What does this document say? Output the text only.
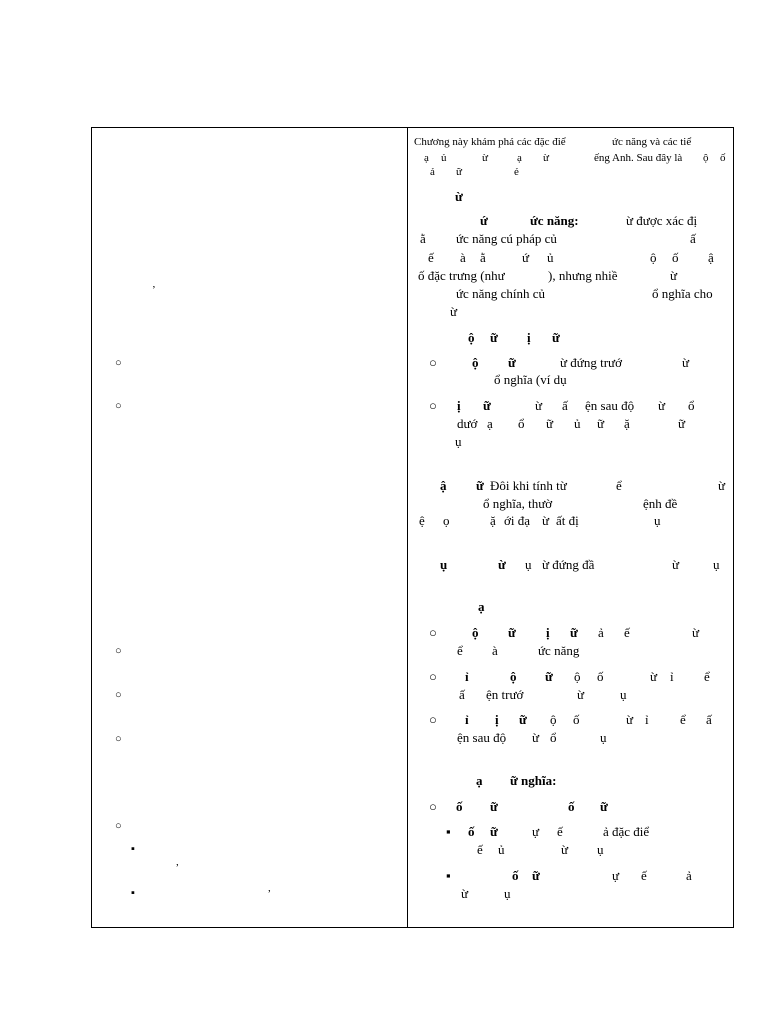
’
○
○
○
○
○
○
▪
,
▪	,
Chương này khám phá các đặc điể	ức năng và các tiể
ạ ủ	ừ	ạ ừ	ếng Anh. Sau đây là ộ ố
ả ữ	ẻ
ừ
ứ	ức năng:	ừ được xác đị
ằ ức năng cú pháp củ	ấ
ế à ằ	ứ ủ	ộ ố ậ
ố đặc trưng (như	), nhưng nhiề	ừ
ức năng chính củ	ổ nghĩa cho
ừ
ộ ữ ị ữ
○	ộ ữ	ừ đứng trướ	ừ
ổ nghĩa (ví dụ
○ ị ữ	ừ ấ ện sau độ ừ ổ
dướ ạ ổ ữ ủ ữ ặ	ữ
ụ
ậ ữ Đôi khi tính từ	ể	ừ
ổ nghĩa, thườ	ệnh đề
ệ ọ	ặ ới đạ ừ ất đị	ụ
ụ	ừ ụ ừ đứng đầ	ừ	ụ
ạ
○	ộ ữ ị ữ ả ế	ừ
ể à	ức năng
○ ỉ	ộ ữ ộ ố	ừ ỉ ể
ấ ện trướ	ừ	ụ
○ ỉ ị ữ ộ ố	ừ ỉ ể ấ
ện sau độ ừ ổ	ụ
ạ ữ nghĩa:
○ ố ữ	ố ữ
▪ ố ữ	ự ế	ả đặc điể
ế ủ	ừ ụ
▪	ố ữ	ự ế	ả
ừ	ụ
